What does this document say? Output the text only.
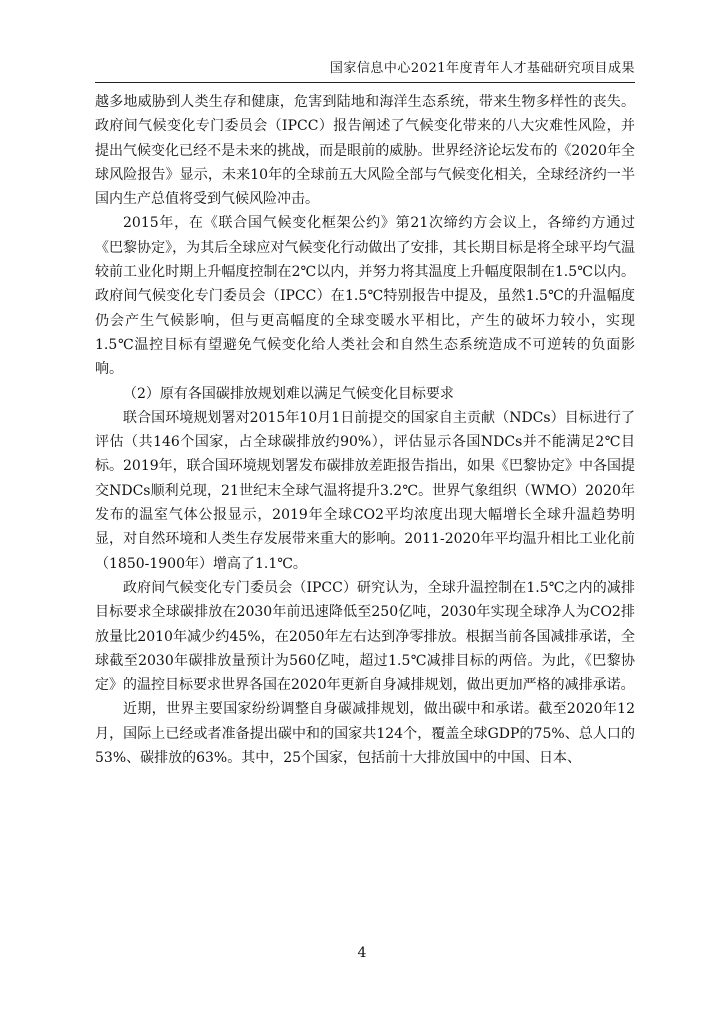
国家信息中心2021年度青年人才基础研究项目成果

越多地威胁到人类生存和健康，危害到陆地和海洋生态系统，带来生物多样性的丧失。政府间气候变化专门委员会（IPCC）报告阐述了气候变化带来的八大灾难性风险，并提出气候变化已经不是未来的挑战，而是眼前的威胁。世界经济论坛发布的《2020年全球风险报告》显示，未来10年的全球前五大风险全部与气候变化相关，全球经济约一半国内生产总值将受到气候风险冲击。

2015年，在《联合国气候变化框架公约》第21次缔约方会议上，各缔约方通过《巴黎协定》，为其后全球应对气候变化行动做出了安排，其长期目标是将全球平均气温较前工业化时期上升幅度控制在2℃以内，并努力将其温度上升幅度限制在1.5℃以内。政府间气候变化专门委员会（IPCC）在1.5℃特别报告中提及，虽然1.5℃的升温幅度仍会产生气候影响，但与更高幅度的全球变暖水平相比，产生的破坏力较小，实现1.5℃温控目标有望避免气候变化给人类社会和自然生态系统造成不可逆转的负面影响。

（2）原有各国碳排放规划难以满足气候变化目标要求

联合国环境规划署对2015年10月1日前提交的国家自主贡献（NDCs）目标进行了评估（共146个国家，占全球碳排放约90%），评估显示各国NDCs并不能满足2℃目标。2019年，联合国环境规划署发布碳排放差距报告指出，如果《巴黎协定》中各国提交NDCs顺利兑现，21世纪末全球气温将提升3.2℃。世界气象组织（WMO）2020年发布的温室气体公报显示，2019年全球CO2平均浓度出现大幅增长全球升温趋势明显，对自然环境和人类生存发展带来重大的影响。2011-2020年平均温升相比工业化前（1850-1900年）增高了1.1℃。

政府间气候变化专门委员会（IPCC）研究认为，全球升温控制在1.5℃之内的减排目标要求全球碳排放在2030年前迅速降低至250亿吨，2030年实现全球净人为CO2排放量比2010年减少约45%，在2050年左右达到净零排放。根据当前各国减排承诺，全球截至2030年碳排放量预计为560亿吨，超过1.5℃减排目标的两倍。为此，《巴黎协定》的温控目标要求世界各国在2020年更新自身减排规划，做出更加严格的减排承诺。

近期，世界主要国家纷纷调整自身碳减排规划，做出碳中和承诺。截至2020年12月，国际上已经或者准备提出碳中和的国家共124个，覆盖全球GDP的75%、总人口的53%、碳排放的63%。其中，25个国家，包括前十大排放国中的中国、日本、

4
